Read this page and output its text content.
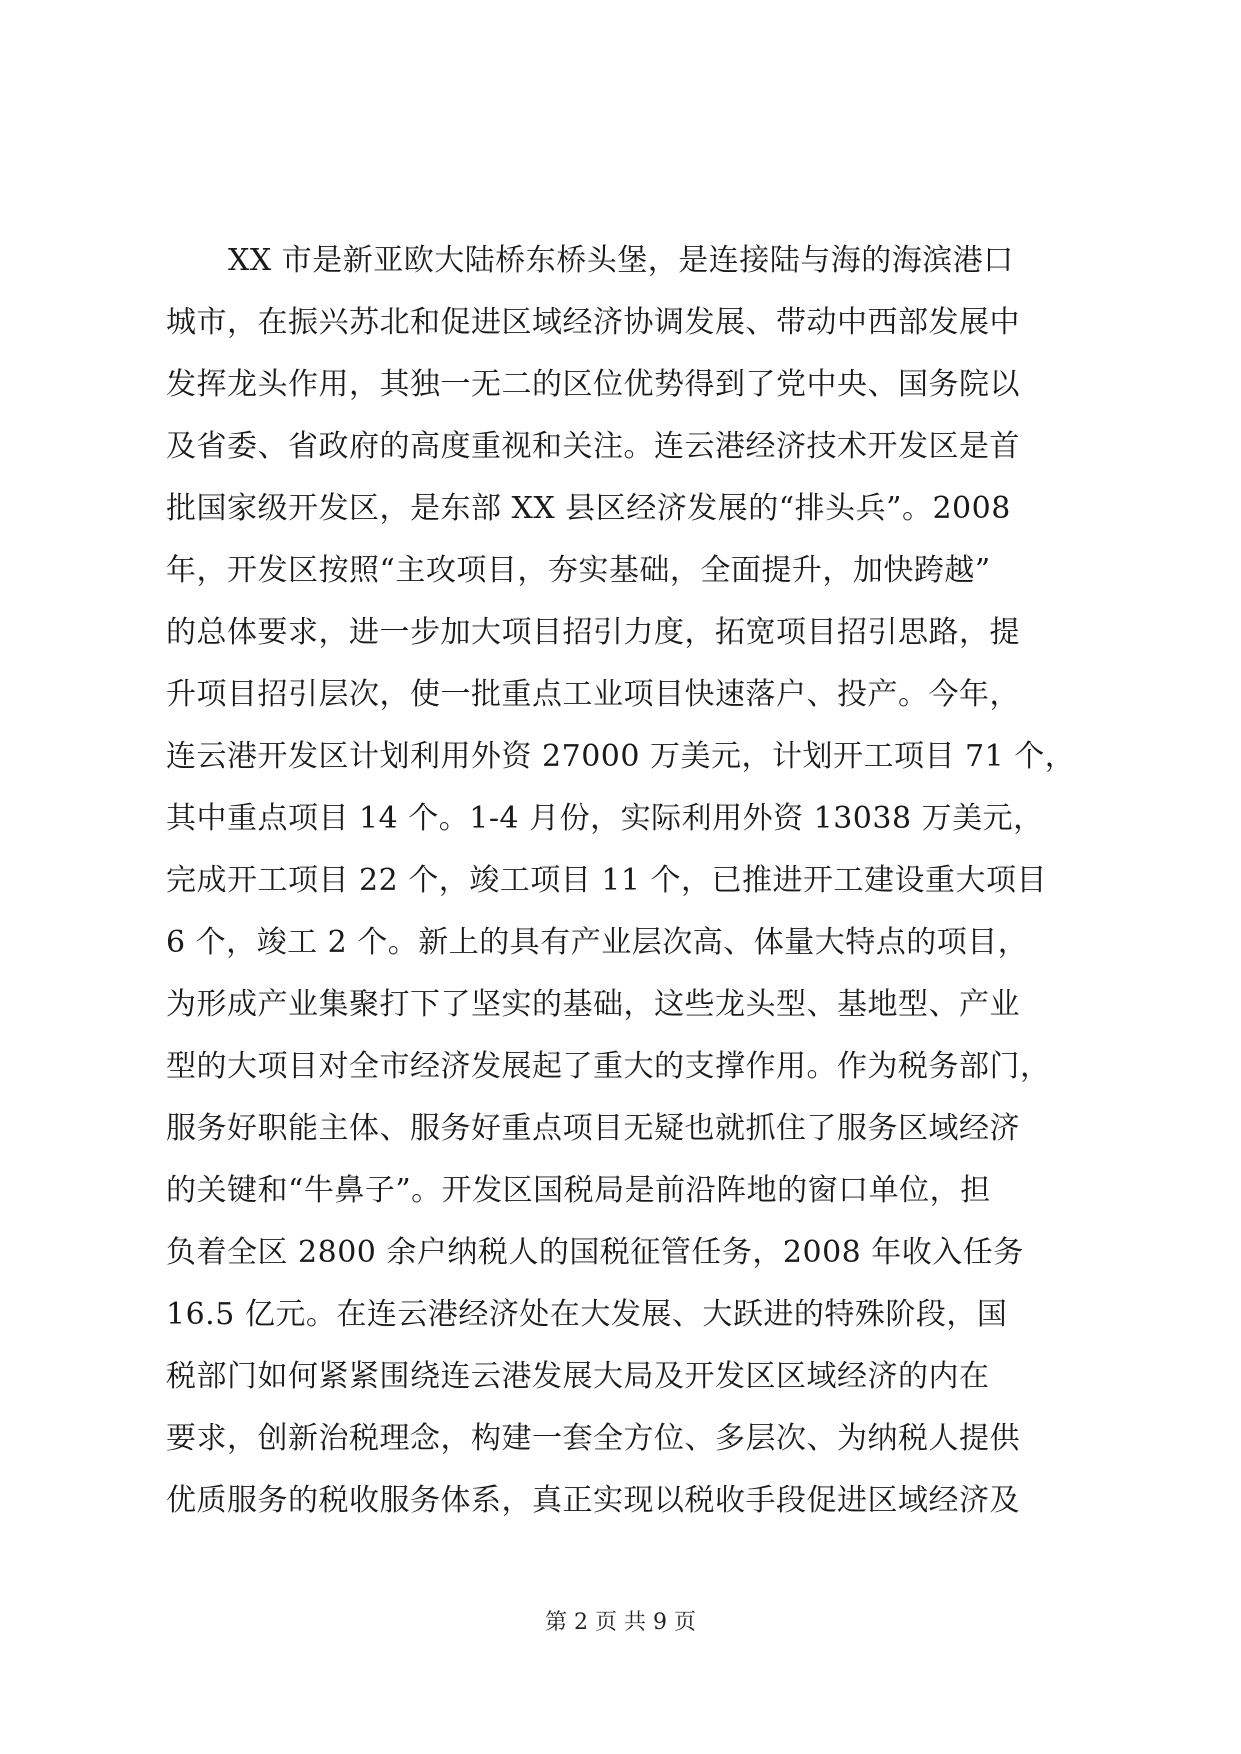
XX 市是新亚欧大陆桥东桥头堡，是连接陆与海的海滨港口
城市，在振兴苏北和促进区域经济协调发展、带动中西部发展中
发挥龙头作用，其独一无二的区位优势得到了党中央、国务院以
及省委、省政府的高度重视和关注。连云港经济技术开发区是首
批国家级开发区，是东部 XX 县区经济发展的“排头兵”。2008
年，开发区按照“主攻项目，夯实基础，全面提升，加快跨越”
的总体要求，进一步加大项目招引力度，拓宽项目招引思路，提
升项目招引层次，使一批重点工业项目快速落户、投产。今年，
连云港开发区计划利用外资 27000 万美元，计划开工项目 71 个，
其中重点项目 14 个。1-4 月份，实际利用外资 13038 万美元，
完成开工项目 22 个，竣工项目 11 个，已推进开工建设重大项目
6 个，竣工 2 个。新上的具有产业层次高、体量大特点的项目，
为形成产业集聚打下了坚实的基础，这些龙头型、基地型、产业
型的大项目对全市经济发展起了重大的支撑作用。作为税务部门，
服务好职能主体、服务好重点项目无疑也就抓住了服务区域经济
的关键和“牛鼻子”。开发区国税局是前沿阵地的窗口单位，担
负着全区 2800 余户纳税人的国税征管任务，2008 年收入任务
16.5 亿元。在连云港经济处在大发展、大跃进的特殊阶段，国
税部门如何紧紧围绕连云港发展大局及开发区区域经济的内在
要求，创新治税理念，构建一套全方位、多层次、为纳税人提供
优质服务的税收服务体系，真正实现以税收手段促进区域经济及
第 2 页 共 9 页
